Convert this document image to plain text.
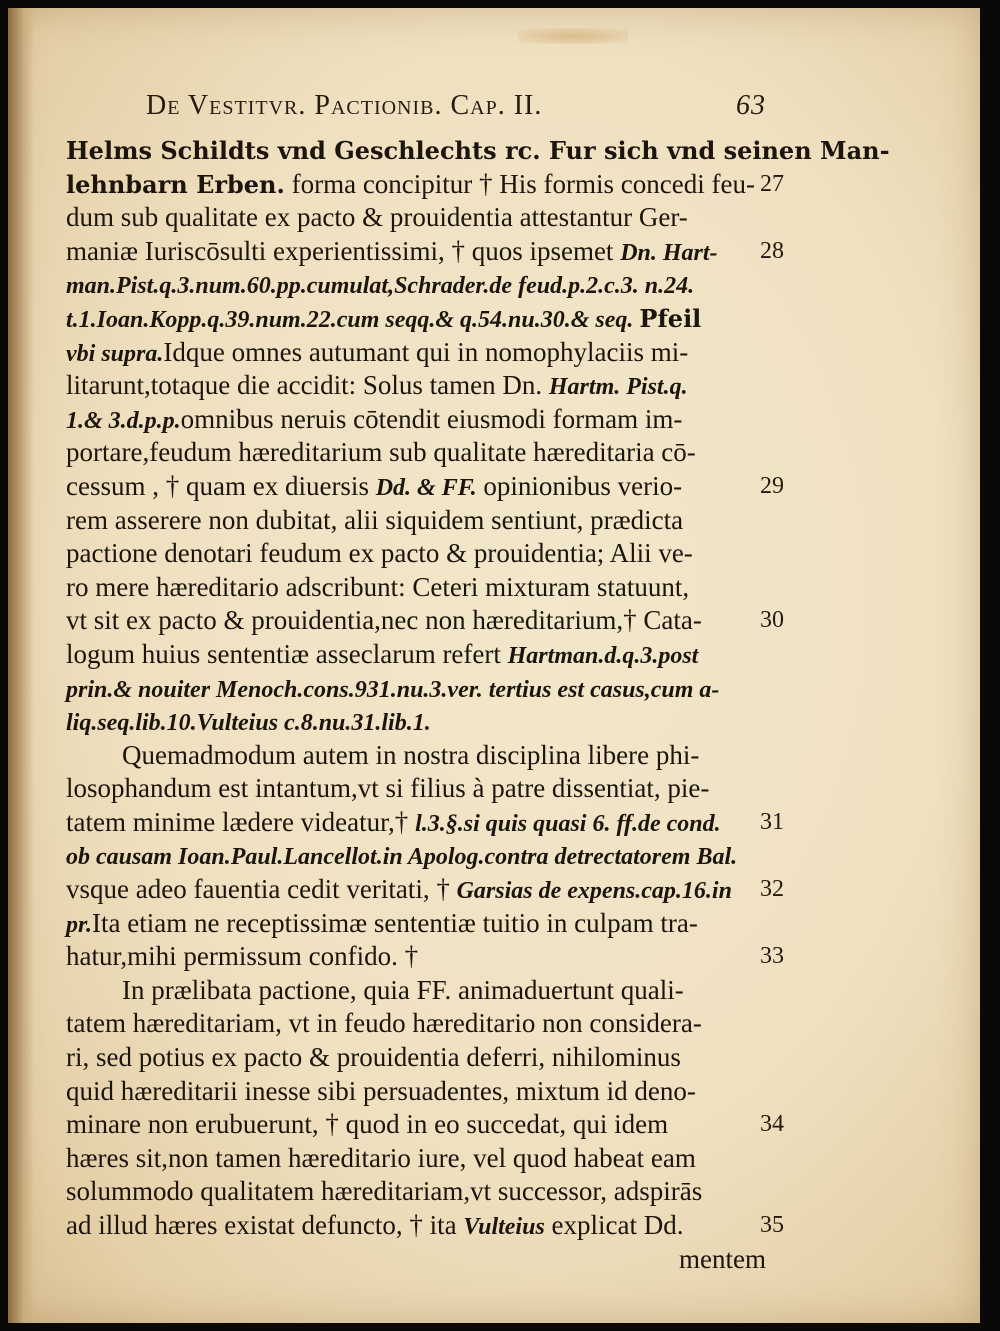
De Vestitvr. Pactionib. Cap. II.	63
Helms Schildts vnd Geschlechts rc. Fur sich vnd seinen Man-
lehnbarn Erben. forma concipitur † His formis concedi feu-
dum sub qualitate ex pacto & prouidentia attestantur Ger-
maniæ Iuriscōsulti experientissimi, † quos ipsemet Dn. Hart-
man.Pist.q.3.num.60.pp.cumulat,Schrader.de feud.p.2.c.3. n.24.
t.1.Ioan.Kopp.q.39.num.22.cum seqq.& q.54.nu.30.& seq. Pfeil
vbi supra.Idque omnes autumant qui in nomophylaciis mi-
litarunt,totaque die accidit: Solus tamen Dn. Hartm. Pist.q.
1.& 3.d.p.p.omnibus neruis cōtendit eiusmodi formam im-
portare,feudum hæreditarium sub qualitate hæreditaria cō-
cessum , † quam ex diuersis Dd. & FF. opinionibus verio-
rem asserere non dubitat, alii siquidem sentiunt, prædicta
pactione denotari feudum ex pacto & prouidentia; Alii ve-
ro mere hæreditario adscribunt: Ceteri mixturam statuunt,
vt sit ex pacto & prouidentia,nec non hæreditarium,† Cata-
logum huius sententiæ asseclarum refert Hartman.d.q.3.post
prin.& nouiter Menoch.cons.931.nu.3.ver. tertius est casus,cum a-
liq.seq.lib.10.Vulteius c.8.nu.31.lib.1.
Quemadmodum autem in nostra disciplina libere phi-
losophandum est intantum,vt si filius à patre dissentiat, pie-
tatem minime lædere videatur,† l.3.§.si quis quasi 6. ff.de cond.
ob causam Ioan.Paul.Lancellot.in Apolog.contra detrectatorem Bal.
vsque adeo fauentia cedit veritati, † Garsias de expens.cap.16.in
pr.Ita etiam ne receptissimæ sententiæ tuitio in culpam tra-
hatur,mihi permissum confido. †
In prælibata pactione, quia FF. animaduertunt quali-
tatem hæreditariam, vt in feudo hæreditario non considera-
ri, sed potius ex pacto & prouidentia deferri, nihilominus
quid hæreditarii inesse sibi persuadentes, mixtum id deno-
minare non erubuerunt, † quod in eo succedat, qui idem
hæres sit,non tamen hæreditario iure, vel quod habeat eam
solummodo qualitatem hæreditariam,vt successor, adspirās
ad illud hæres existat defuncto, † ita Vulteius explicat Dd.
mentem
27
28
29
30
31
32
33
34
35
